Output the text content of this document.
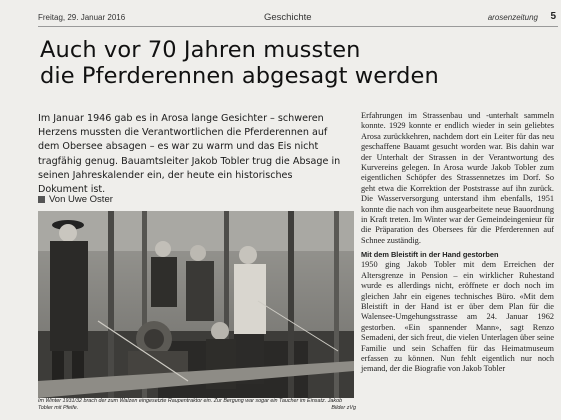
Freitag, 29. Januar 2016	Geschichte	arosenzeitung 5
Auch vor 70 Jahren mussten
die Pferderennen abgesagt werden
Im Januar 1946 gab es in Arosa lange Gesichter – schweren Herzens mussten die Verantwortlichen die Pferderennen auf dem Obersee absagen – es war zu warm und das Eis nicht tragfähig genug. Bauamtsleiter Jakob Tobler trug die Absage in seinen Jahreskalender ein, der heute ein historisches Dokument ist.
Von Uwe Oster
Im Winter 1931/32 brach der zum Walzen eingesetzte Raupentraktor ein. Zur Bergung war sogar ein Taucher im Einsatz. Jakob Tobler mit Pfeife.	Bilder zVg

Erfahrungen im Strassenbau und -unterhalt sammeln konnte. 1929 konnte er endlich wieder in sein geliebtes Arosa zurückkehren, nachdem dort ein Leiter für das neu geschaffene Bauamt gesucht worden war. Bis dahin war der Unterhalt der Strassen in der Verantwortung des Kurvereins gelegen. In Arosa wurde Jakob Tobler zum eigentlichen Schöpfer des Strassennetzes im Dorf. So geht etwa die Korrektion der Poststrasse auf ihn zurück. Die Wasserversorgung unterstand ihm ebenfalls, 1951 konnte die nach von ihm ausgearbeitete neue Bauordnung in Kraft treten. Im Winter war der Gemeindeingenieur für die Präparation des Obersees für die Pferderennen auf Schnee zuständig.

Mit dem Bleistift in der Hand gestorben

1950 ging Jakob Tobler mit dem Erreichen der Altersgrenze in Pension – ein wirklicher Ruhestand wurde es allerdings nicht, eröffnete er doch noch im gleichen Jahr ein eigenes technisches Büro. «Mit dem Bleistift in der Hand ist er über dem Plan für die Walensee-Umgehungsstrasse am 24. Januar 1962 gestorben. «Ein spannender Mann», sagt Renzo Semadeni, der sich freut, die vielen Unterlagen über seine Familie und sein Schaffen für das Heimatmuseum erfassen zu können. Nun fehlt eigentlich nur noch jemand, der die Biografie von Jakob Tobler
